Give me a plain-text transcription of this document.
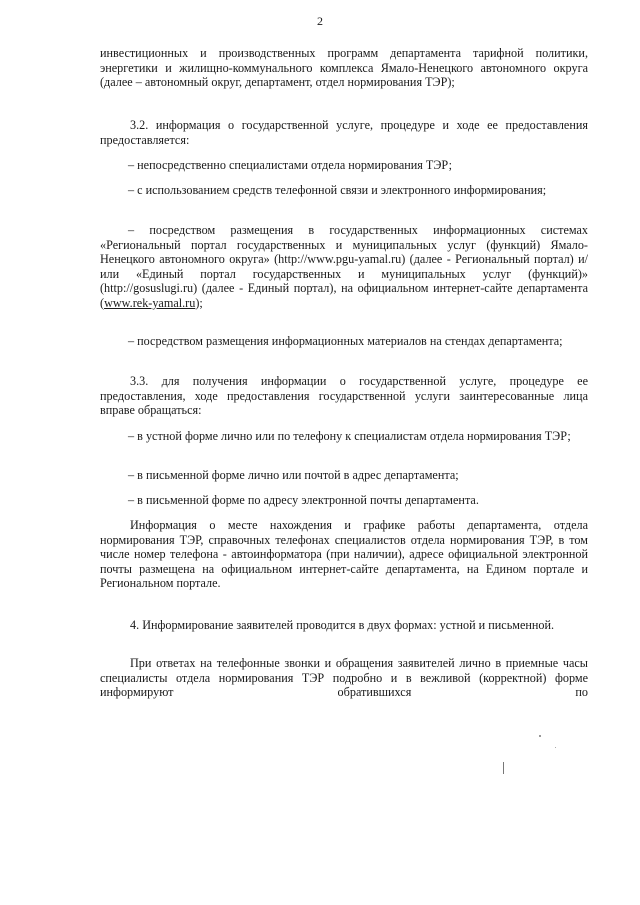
2

инвестиционных и производственных программ департамента тарифной политики, энергетики и жилищно-коммунального комплекса Ямало-Ненецкого автономного округа (далее – автономный округ, департамент, отдел нормирования ТЭР);

3.2. информация о государственной услуге, процедуре и ходе ее предоставления предоставляется:

– непосредственно специалистами отдела нормирования ТЭР;

– с использованием средств телефонной связи и электронного информирования;

– посредством размещения в государственных информационных системах «Региональный портал государственных и муниципальных услуг (функций) Ямало-Ненецкого автономного округа» (http://www.pgu-yamal.ru) (далее - Региональный портал) и/или «Единый портал государственных и муниципальных услуг (функций)» (http://gosuslugi.ru) (далее - Единый портал), на официальном интернет-сайте департамента (www.rek-yamal.ru);

– посредством размещения информационных материалов на стендах департамента;

3.3. для получения информации о государственной услуге, процедуре ее предоставления, ходе предоставления государственной услуги заинтересованные лица вправе обращаться:

– в устной форме лично или по телефону к специалистам отдела нормирования ТЭР;

– в письменной форме лично или почтой в адрес департамента;

– в письменной форме по адресу электронной почты департамента.

Информация о месте нахождения и графике работы департамента, отдела нормирования ТЭР, справочных телефонах специалистов отдела нормирования ТЭР, в том числе номер телефона - автоинформатора (при наличии), адресе официальной электронной почты размещена на официальном интернет-сайте департамента, на Едином портале и Региональном портале.

4. Информирование заявителей проводится в двух формах: устной и письменной.

При ответах на телефонные звонки и обращения заявителей лично в приемные часы специалисты отдела нормирования ТЭР подробно и в вежливой (корректной) форме информируют обратившихся по
